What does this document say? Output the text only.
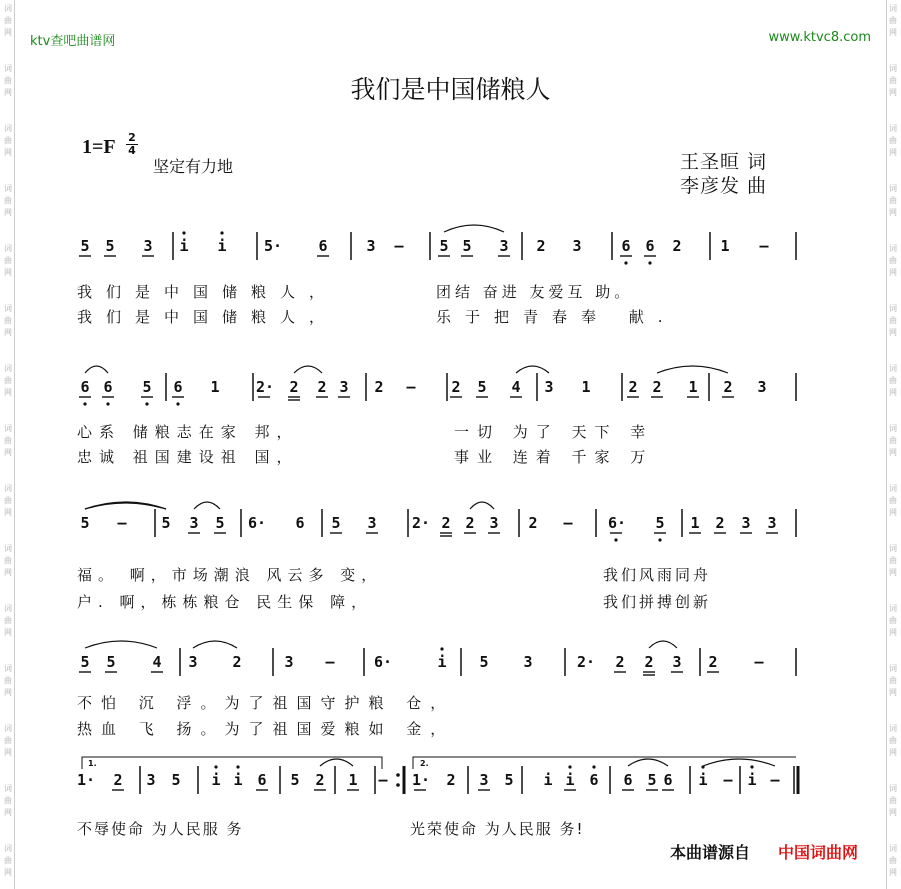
词
曲
网
词
曲
网
词
曲
网
词
曲
网
词
曲
网
词
曲
网
词
曲
网
词
曲
网
词
曲
网
词
曲
网
词
曲
网
词
曲
网
词
曲
网
词
曲
网
词
曲
网
词
曲
网
词
曲
网
词
曲
网
词
曲
网
词
曲
网
词
曲
网
词
曲
网
词
曲
网
词
曲
网
词
曲
网
词
曲
网
词
曲
网
词
曲
网
词
曲
网
词
曲
网
ktv查吧曲谱网	www.ktvc8.com
我们是中国储粮人
1=F 2
4
坚定有力地	王圣晅 词
李彦发 曲
5 5 3 i i 5· 6	3 – 5 5 3 2 3	6 6 2	1 –
6 6 5 6 1 2· 2 2 3 2 – 2 5 4 3 1	2 2 1 2 3
5 – 5 3 5 6· 6 5 3 2· 2 2 3 2 – 6· 5 1 2 3 3
5 5 4 3 2	3 –	6·	i 5 3	2· 2 2 3 2 –
1· 2 3 5 i i 6 5 2 1 – 1· 2 3 5 i i 6 6 5 6 i – i –
我们是中国储粮人，	团结 奋进 友爱互 助。
我们是中国储粮人，	乐于把青春奉 献.
心系 储粮志在家 邦，	一切 为了 天下 幸
忠诚 祖国建设祖 国，	事业 连着 千家 万
福。 啊，市场潮浪 风云多 变，	我们风雨同舟
户. 啊，栋栋粮仓 民生保 障，	我们拼搏创新
不怕 沉 浮。为了祖国守护粮 仓，
热血 飞 扬。为了祖国爱粮如 金，
不辱使命 为人民服 务	光荣使命 为人民服 务!
1.	2.
本曲谱源自 中国词曲网
